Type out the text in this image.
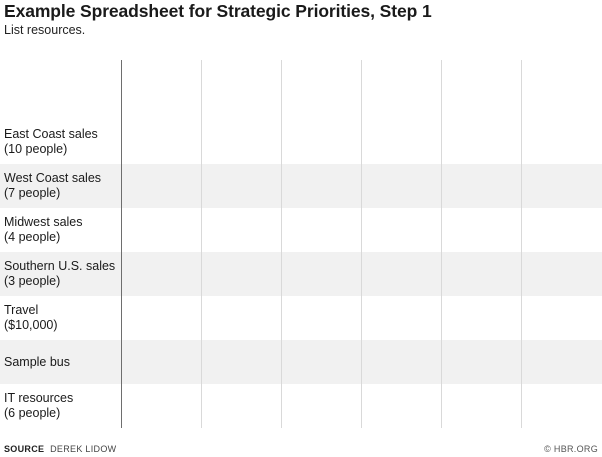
Example Spreadsheet for Strategic Priorities, Step 1
List resources.
East Coast sales
(10 people)
West Coast sales
(7 people)
Midwest sales
(4 people)
Southern U.S. sales
(3 people)
Travel
($10,000)
Sample bus
IT resources
(6 people)
SOURCE DEREK LIDOW	© HBR.ORG
